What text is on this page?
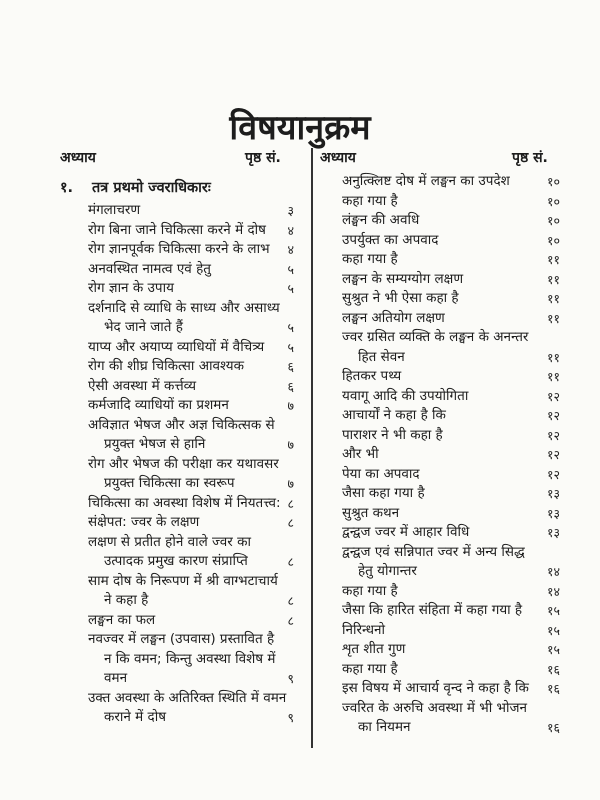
विषयानुक्रम
अध्याय	पृष्ठ सं.	अध्याय	पृष्ठ सं.
१. तत्र प्रथमो ज्वराधिकारः
मंगलाचरण	३
रोग बिना जाने चिकित्सा करने में दोष	४
रोग ज्ञानपूर्वक चिकित्सा करने के लाभ	४
अनवस्थित नामत्व एवं हेतु	५
रोग ज्ञान के उपाय	५
दर्शनादि से व्याधि के साध्य और असाध्य
भेद जाने जाते हैं	५
याप्य और अयाप्य व्याधियों में वैचित्र्य	५
रोग की शीघ्र चिकित्सा आवश्यक	६
ऐसी अवस्था में कर्त्तव्य	६
कर्मजादि व्याधियों का प्रशमन	७
अविज्ञात भेषज और अज्ञ चिकित्सक से
प्रयुक्त भेषज से हानि	७
रोग और भेषज की परीक्षा कर यथावसर
प्रयुक्त चिकित्सा का स्वरूप	७
चिकित्सा का अवस्था विशेष में नियतत्त्व: ८
संक्षेपत: ज्वर के लक्षण	८
लक्षण से प्रतीत होने वाले ज्वर का
उत्पादक प्रमुख कारण संप्राप्ति	८
साम दोष के निरूपण में श्री वाग्भटाचार्य
ने कहा है	८
लङ्घन का फल	८
नवज्वर में लङ्घन (उपवास) प्रस्तावित है
न कि वमन; किन्तु अवस्था विशेष में
वमन	९
उक्त अवस्था के अतिरिक्त स्थिति में वमन
कराने में दोष	९
अनुत्क्लिष्ट दोष में लङ्घन का उपदेश	१०
कहा गया है	१०
लंङ्घन की अवधि	१०
उपर्युक्त का अपवाद	१०
कहा गया है	११
लङ्घन के सम्यग्योग लक्षण	११
सुश्रुत ने भी ऐसा कहा है	११
लङ्घन अतियोग लक्षण	११
ज्वर ग्रसित व्यक्ति के लङ्घन के अनन्तर
हित सेवन	११
हितकर पथ्य	११
यवागू आदि की उपयोगिता	१२
आचार्यों ने कहा है कि	१२
पाराशर ने भी कहा है	१२
और भी	१२
पेया का अपवाद	१२
जैसा कहा गया है	१३
सुश्रुत कथन	१३
द्वन्द्वज ज्वर में आहार विधि	१३
द्वन्द्वज एवं सन्निपात ज्वर में अन्य सिद्ध
हेतु योगान्तर	१४
कहा गया है	१४
जैसा कि हारित संहिता में कहा गया है	१५
निरिन्धनो	१५
शृत शीत गुण	१५
कहा गया है	१६
इस विषय में आचार्य वृन्द ने कहा है कि	१६
ज्वरित के अरुचि अवस्था में भी भोजन
का नियमन	१६
